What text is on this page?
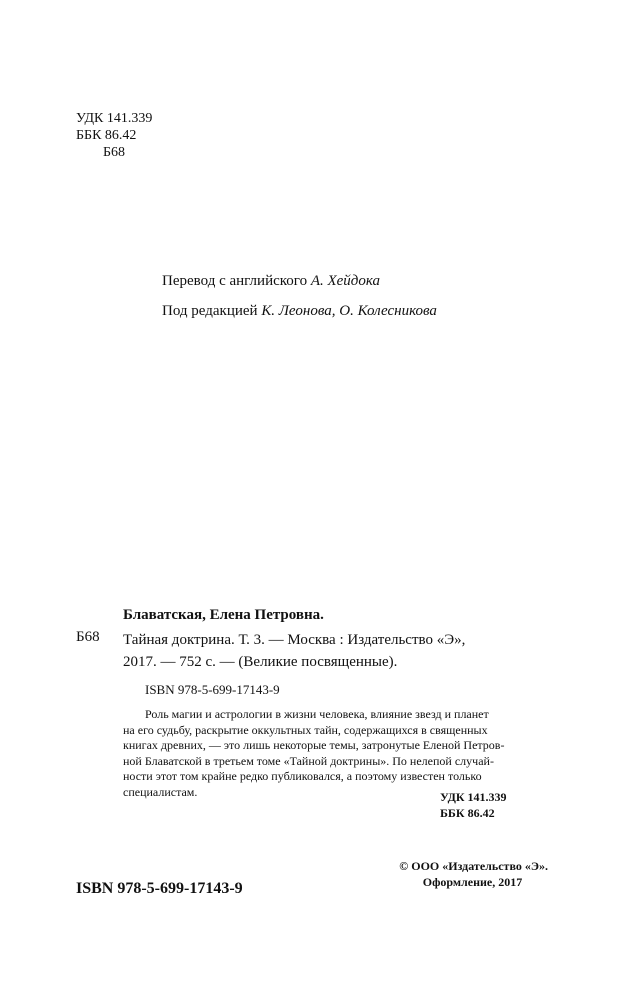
УДК 141.339
ББК 86.42
Б68
Перевод с английского А. Хейдока
Под редакцией К. Леонова, О. Колесникова
Блаватская, Елена Петровна.
Б68 Тайная доктрина. Т. 3. — Москва : Издательство «Э»,
2017. — 752 с. — (Великие посвященные).
ISBN 978-5-699-17143-9
Роль магии и астрологии в жизни человека, влияние звезд и планет
на его судьбу, раскрытие оккультных тайн, содержащихся в священных
книгах древних, — это лишь некоторые темы, затронутые Еленой Петров-
ной Блаватской в третьем томе «Тайной доктрины». По нелепой случай-
ности этот том крайне редко публиковался, а поэтому известен только
специалистам.	УДК 141.339
ББК 86.42
ISBN 978-5-699-17143-9
© ООО «Издательство «Э».
Оформление, 2017
